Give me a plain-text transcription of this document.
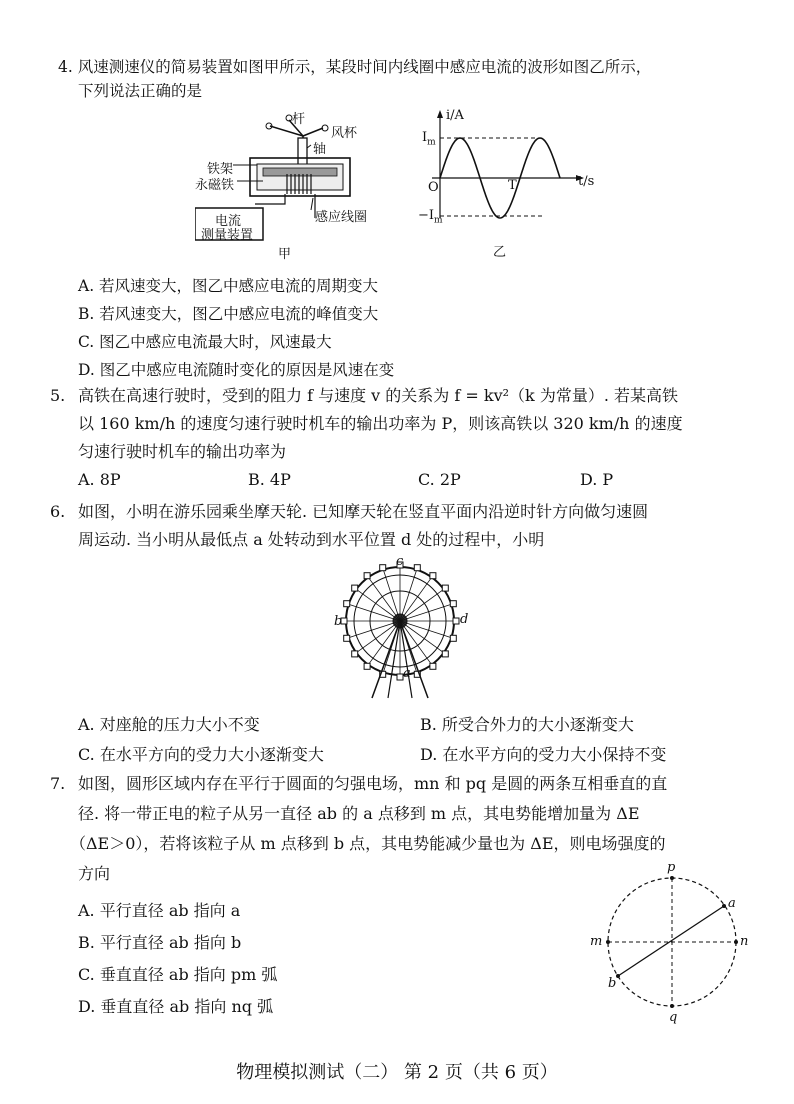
4. 风速测速仪的简易装置如图甲所示，某段时间内线圈中感应电流的波形如图乙所示，
下列说法正确的是
杆
风杯
轴
铁架
永磁铁
电流
测量装置
感应线圈
甲
i/A
t/s
$I_m$
O	T
$-I_m$
乙
A. 若风速变大，图乙中感应电流的周期变大
B. 若风速变大，图乙中感应电流的峰值变大
C. 图乙中感应电流最大时，风速最大
D. 图乙中感应电流随时变化的原因是风速在变
5. 高铁在高速行驶时，受到的阻力 f 与速度 v 的关系为 f = kv²（k 为常量）. 若某高铁
以 160 km/h 的速度匀速行驶时机车的输出功率为 P，则该高铁以 320 km/h 的速度
匀速行驶时机车的输出功率为
A. 8P	B. 4P	C. 2P	D. P
6. 如图，小明在游乐园乘坐摩天轮. 已知摩天轮在竖直平面内沿逆时针方向做匀速圆
周运动. 当小明从最低点 a 处转动到水平位置 d 处的过程中，小明
c
b	d
a
A. 对座舱的压力大小不变	B. 所受合外力的大小逐渐变大
C. 在水平方向的受力大小逐渐变大	D. 在水平方向的受力大小保持不变
7. 如图，圆形区域内存在平行于圆面的匀强电场，mn 和 pq 是圆的两条互相垂直的直
径. 将一带正电的粒子从另一直径 ab 的 a 点移到 m 点，其电势能增加量为 ΔE
（ΔE＞0），若将该粒子从 m 点移到 b 点，其电势能减少量也为 ΔE，则电场强度的
方向
A. 平行直径 ab 指向 a
B. 平行直径 ab 指向 b
C. 垂直直径 ab 指向 pm 弧
D. 垂直直径 ab 指向 nq 弧
p
q
m	n
a
b
物理模拟测试（二） 第 2 页（共 6 页）
